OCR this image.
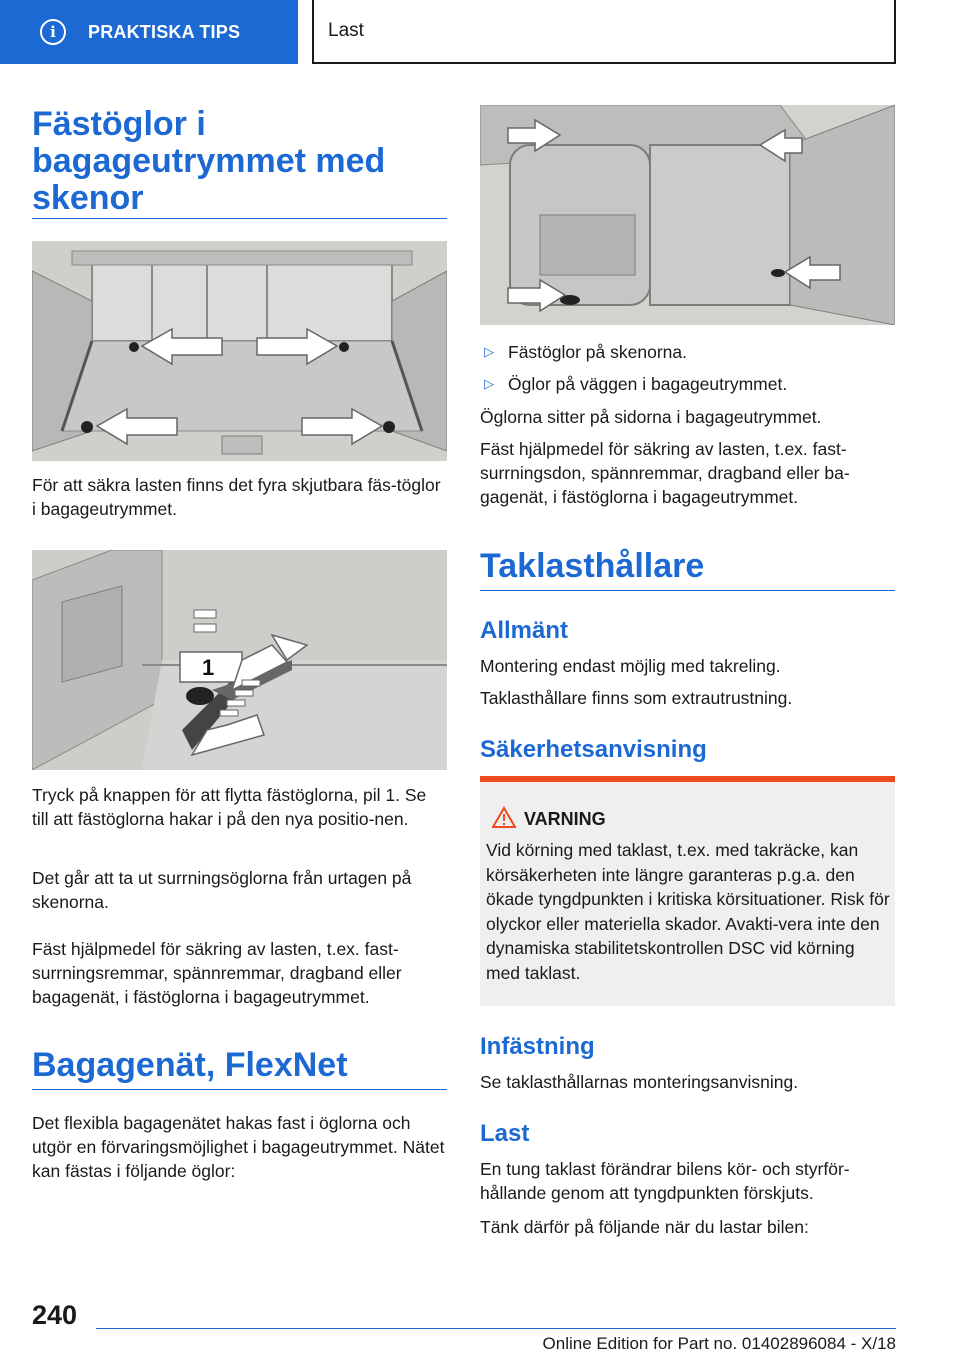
i	PRAKTISKA TIPS	Last
Fästöglor i bagageutrymmet med skenor

För att säkra lasten finns det fyra skjutbara fäs-töglor i bagageutrymmet.

1

Tryck på knappen för att flytta fästöglorna, pil 1. Se till att fästöglorna hakar i på den nya positio-nen.

Det går att ta ut surrningsöglorna från urtagen på skenorna.

Fäst hjälpmedel för säkring av lasten, t.ex. fast-surrningsremmar, spännremmar, dragband eller bagagenät, i fästöglorna i bagageutrymmet.

Bagagenät, FlexNet

Det flexibla bagagenätet hakas fast i öglorna och utgör en förvaringsmöjlighet i bagageutrymmet. Nätet kan fästas i följande öglor:

▷ Fästöglor på skenorna.
▷ Öglor på väggen i bagageutrymmet.

Öglorna sitter på sidorna i bagageutrymmet.

Fäst hjälpmedel för säkring av lasten, t.ex. fast-surrningsdon, spännremmar, dragband eller ba-gagenät, i fästöglorna i bagageutrymmet.

Taklasthållare
Allmänt

Montering endast möjlig med takreling.

Taklasthållare finns som extrautrustning.

Säkerhetsanvisning
VARNING
Vid körning med taklast, t.ex. med takräcke, kan körsäkerheten inte längre garanteras p.g.a. den ökade tyngdpunkten i kritiska körsituationer. Risk för olyckor eller materiella skador. Avakti-vera inte den dynamiska stabilitetskontrollen DSC vid körning med taklast.
Infästning

Se taklasthållarnas monteringsanvisning.

Last

En tung taklast förändrar bilens kör- och styrför-hållande genom att tyngdpunkten förskjuts.

Tänk därför på följande när du lastar bilen:

240
Online Edition for Part no. 01402896084 - X/18
